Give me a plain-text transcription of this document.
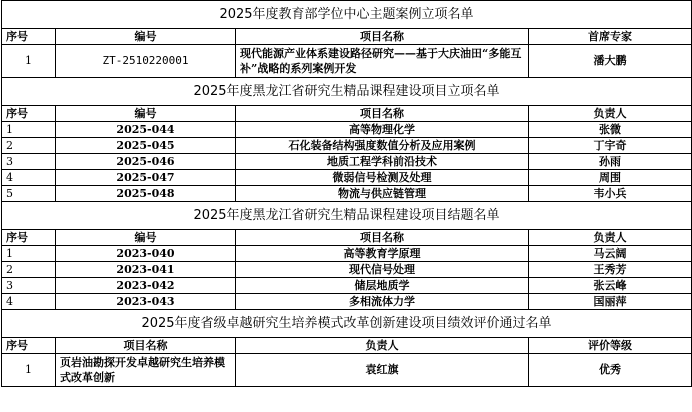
2025年度教育部学位中心主题案例立项名单			
序号	编号	项目名称	首席专家
1	ZT-2510220001	现代能源产业体系建设路径研究——基于大庆油田“多能互补”战略的系列案例开发	潘大鹏
2025年度黑龙江省研究生精品课程建设项目立项名单			
序号	编号	项目名称	负责人
1	2025-044	高等物理化学	张微
2	2025-045	石化装备结构强度数值分析及应用案例	丁宇奇
3	2025-046	地质工程学科前沿技术	孙雨
4	2025-047	微弱信号检测及处理	周围
5	2025-048	物流与供应链管理	韦小兵
2025年度黑龙江省研究生精品课程建设项目结题名单			
序号	编号	项目名称	负责人
1	2023-040	高等教育学原理	马云阔
2	2023-041	现代信号处理	王秀芳
3	2023-042	储层地质学	张云峰
4	2023-043	多相流体力学	国丽萍
2025年度省级卓越研究生培养模式改革创新建设项目绩效评价通过名单			
序号	项目名称	负责人	评价等级
1	页岩油勘探开发卓越研究生培养模式改革创新	袁红旗	优秀
